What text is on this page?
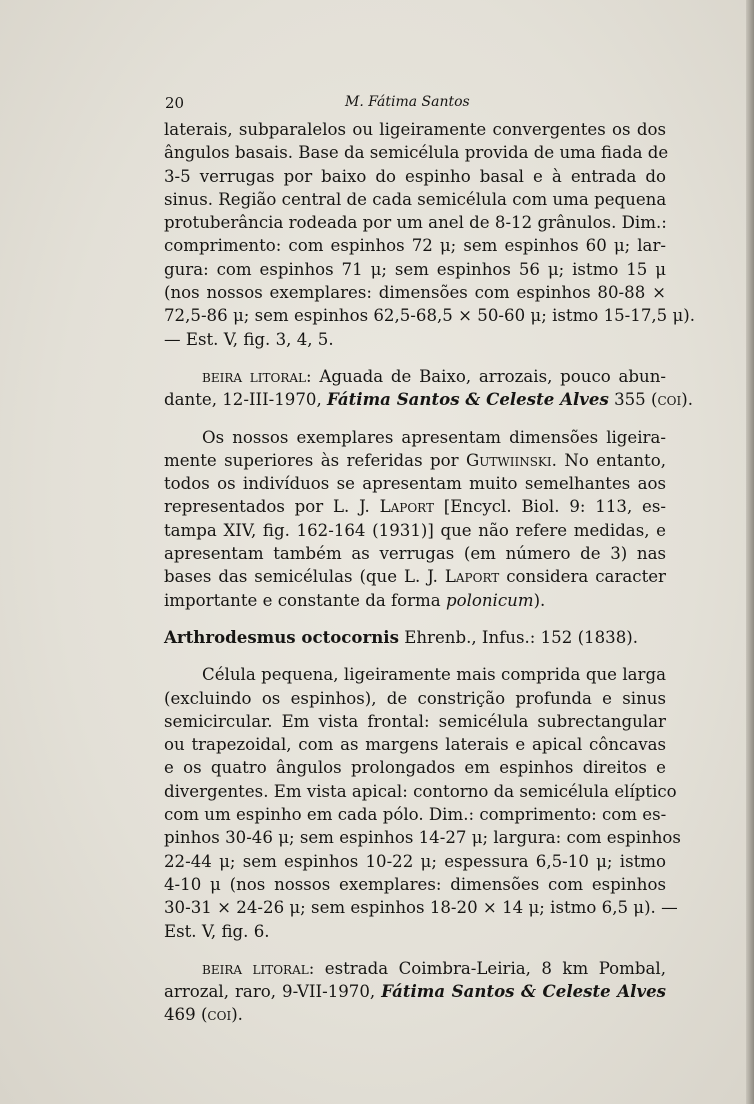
20	M. Fátima Santos

laterais, subparalelos ou ligeiramente convergentes os dos
ângulos basais. Base da semicélula provida de uma fiada de
3-5 verrugas por baixo do espinho basal e à entrada do
sinus. Região central de cada semicélula com uma pequena
protuberância rodeada por um anel de 8-12 grânulos. Dim.:
comprimento: com espinhos 72 μ; sem espinhos 60 μ; lar-
gura: com espinhos 71 μ; sem espinhos 56 μ; istmo 15 μ
(nos nossos exemplares: dimensões com espinhos 80-88 ×
72,5-86 μ; sem espinhos 62,5-68,5 × 50-60 μ; istmo 15-17,5 μ).
— Est. V, fig. 3, 4, 5.

beira litoral: Aguada de Baixo, arrozais, pouco abun-
dante, 12-III-1970, Fátima Santos & Celeste Alves 355 (coi).

Os nossos exemplares apresentam dimensões ligeira-
mente superiores às referidas por Gutwiinski. No entanto,
todos os indivíduos se apresentam muito semelhantes aos
representados por L. J. Laport [Encycl. Biol. 9: 113, es-
tampa XIV, fig. 162-164 (1931)] que não refere medidas, e
apresentam também as verrugas (em número de 3) nas
bases das semicélulas (que L. J. Laport considera caracter
importante e constante da forma polonicum).

Arthrodesmus octocornis Ehrenb., Infus.: 152 (1838).

Célula pequena, ligeiramente mais comprida que larga
(excluindo os espinhos), de constrição profunda e sinus
semicircular. Em vista frontal: semicélula subrectangular
ou trapezoidal, com as margens laterais e apical côncavas
e os quatro ângulos prolongados em espinhos direitos e
divergentes. Em vista apical: contorno da semicélula elíptico
com um espinho em cada pólo. Dim.: comprimento: com es-
pinhos 30-46 μ; sem espinhos 14-27 μ; largura: com espinhos
22-44 μ; sem espinhos 10-22 μ; espessura 6,5-10 μ; istmo
4-10 μ (nos nossos exemplares: dimensões com espinhos
30-31 × 24-26 μ; sem espinhos 18-20 × 14 μ; istmo 6,5 μ). —
Est. V, fig. 6.

beira litoral: estrada Coimbra-Leiria, 8 km Pombal,
arrozal, raro, 9-VII-1970, Fátima Santos & Celeste Alves
469 (coi).
